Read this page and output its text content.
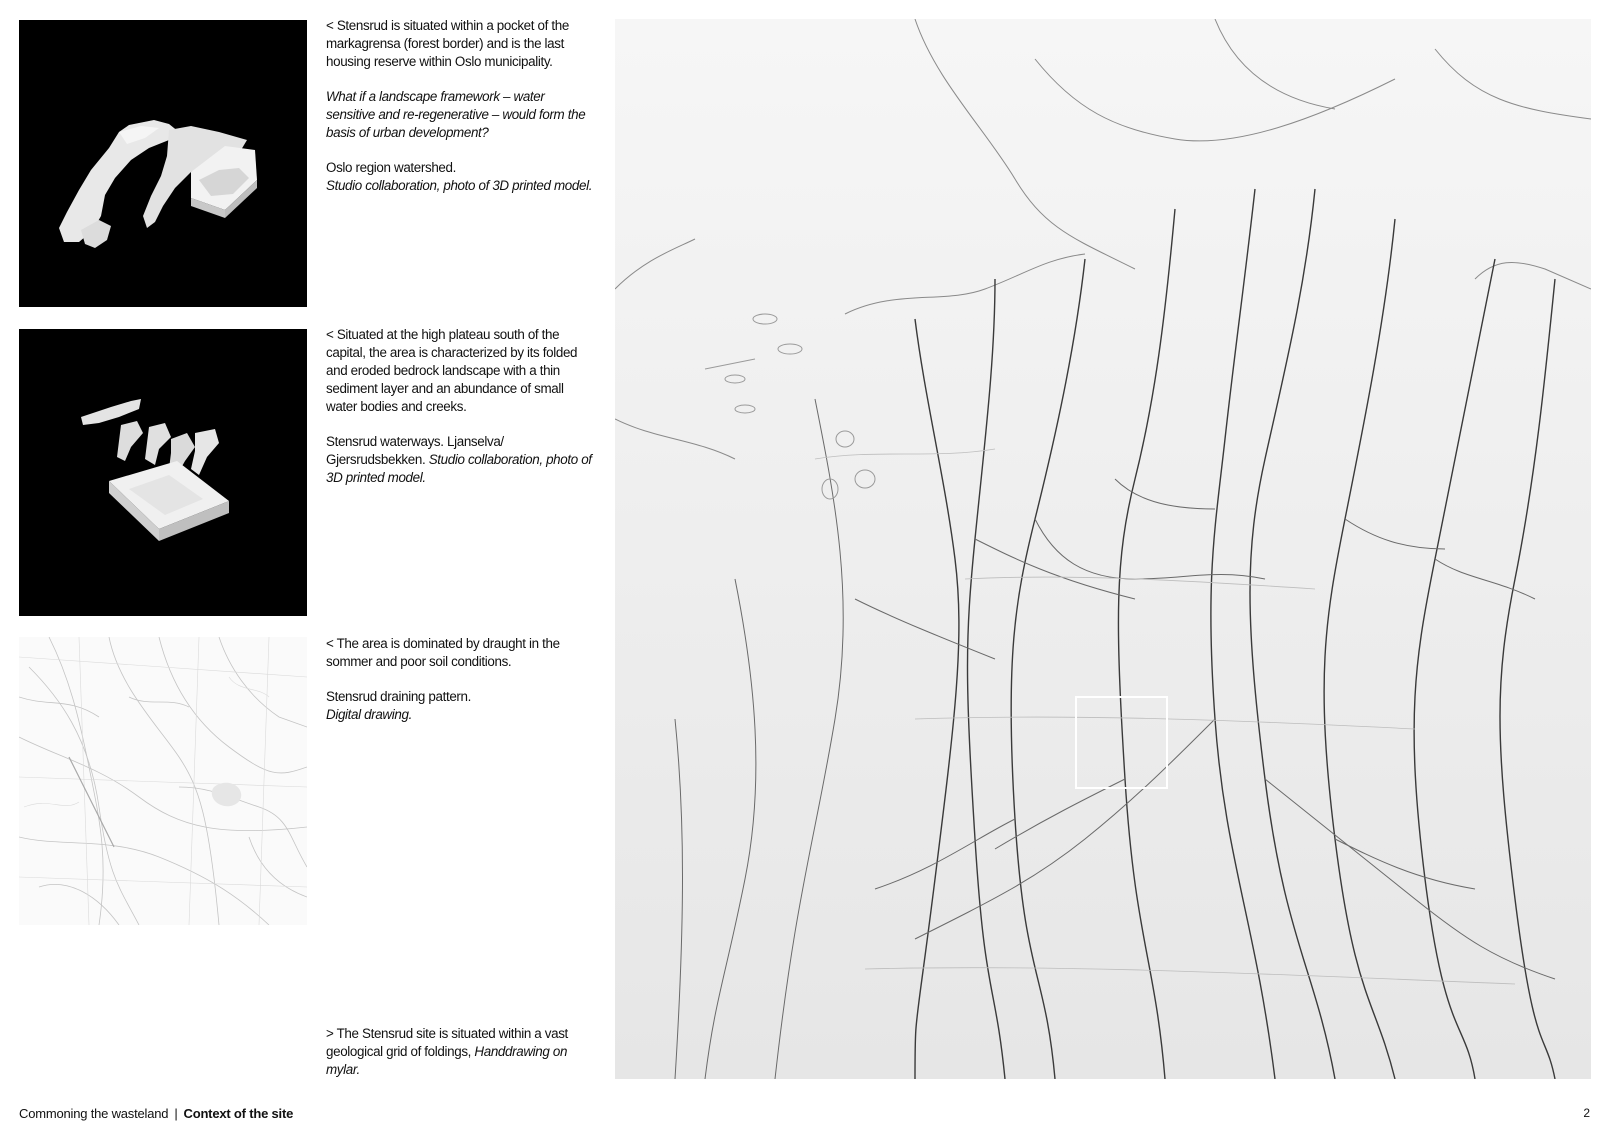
< Stensrud is situated within a pocket of the markagrensa (forest border) and is the last housing reserve within Oslo municipality.

What if a landscape framework – water sensitive and re-regenerative – would form the basis of urban development?

Oslo region watershed.
Studio collaboration, photo of 3D printed model.

< Situated at the high plateau south of the capital, the area is characterized by its folded and eroded bedrock landscape with a thin sediment layer and an abundance of small water bodies and creeks.

Stensrud waterways. Ljanselva/ Gjersrudsbekken. Studio collaboration, photo of 3D printed model.

< The area is dominated by draught in the sommer and poor soil conditions.

Stensrud draining pattern.
Digital drawing.

> The Stensrud site is situated within a vast geological grid of foldings, Handdrawing on mylar.

Commoning the wasteland | Context of the site	2
